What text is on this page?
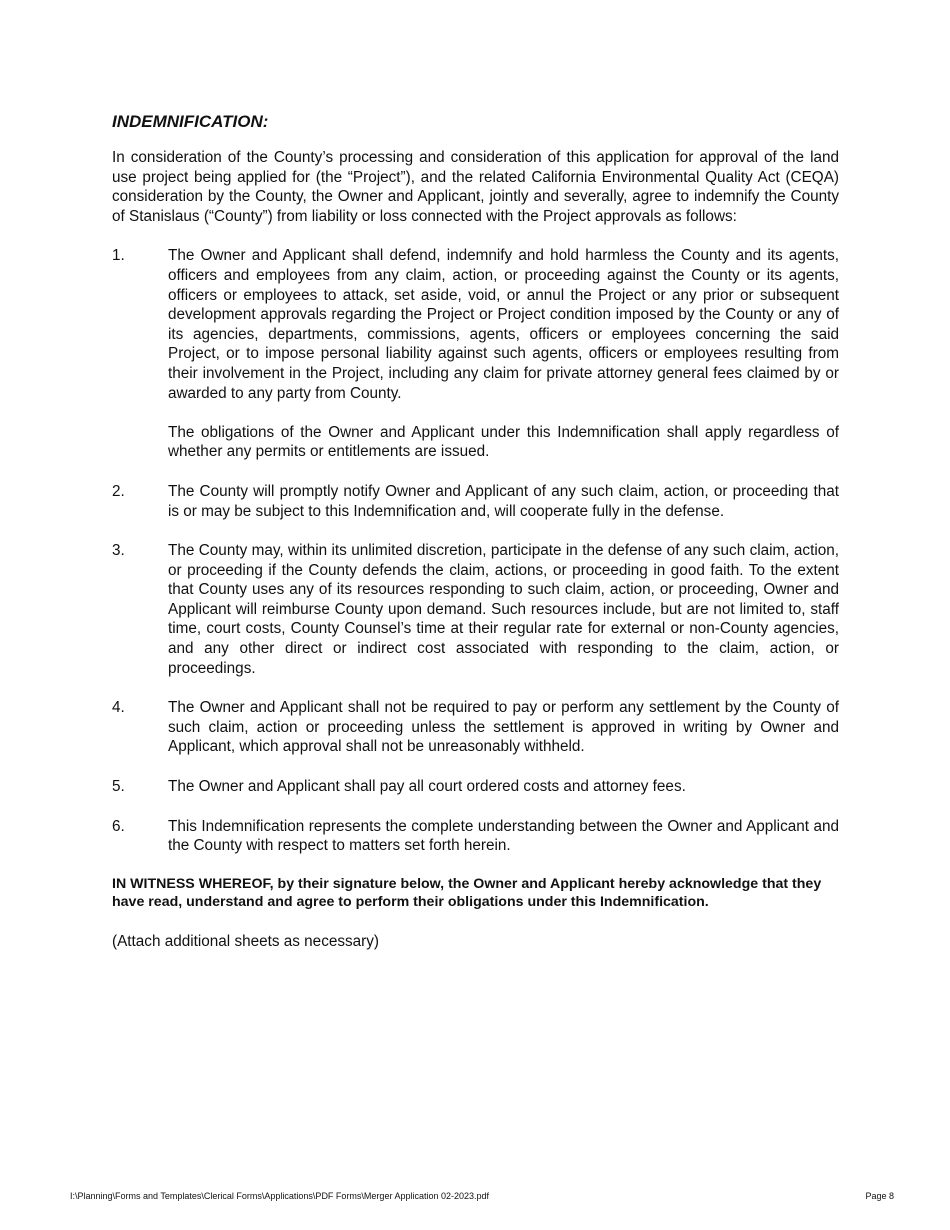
INDEMNIFICATION:

In consideration of the County’s processing and consideration of this application for approval of the land use project being applied for (the “Project”), and the related California Environmental Quality Act (CEQA) consideration by the County, the Owner and Applicant, jointly and severally, agree to indemnify the County of Stanislaus (“County”) from liability or loss connected with the Project approvals as follows:

1.	The Owner and Applicant shall defend, indemnify and hold harmless the County and its agents, officers and employees from any claim, action, or proceeding against the County or its agents, officers or employees to attack, set aside, void, or annul the Project or any prior or subsequent development approvals regarding the Project or Project condition imposed by the County or any of its agencies, departments, commissions, agents, officers or employees concerning the said Project, or to impose personal liability against such agents, officers or employees resulting from their involvement in the Project, including any claim for private attorney general fees claimed by or awarded to any party from County.

The obligations of the Owner and Applicant under this Indemnification shall apply regardless of whether any permits or entitlements are issued.

2.	The County will promptly notify Owner and Applicant of any such claim, action, or proceeding that is or may be subject to this Indemnification and, will cooperate fully in the defense.

3.	The County may, within its unlimited discretion, participate in the defense of any such claim, action, or proceeding if the County defends the claim, actions, or proceeding in good faith. To the extent that County uses any of its resources responding to such claim, action, or proceeding, Owner and Applicant will reimburse County upon demand. Such resources include, but are not limited to, staff time, court costs, County Counsel’s time at their regular rate for external or non-County agencies, and any other direct or indirect cost associated with responding to the claim, action, or proceedings.

4.	The Owner and Applicant shall not be required to pay or perform any settlement by the County of such claim, action or proceeding unless the settlement is approved in writing by Owner and Applicant, which approval shall not be unreasonably withheld.

5.	The Owner and Applicant shall pay all court ordered costs and attorney fees.

6.	This Indemnification represents the complete understanding between the Owner and Applicant and the County with respect to matters set forth herein.

IN WITNESS WHEREOF, by their signature below, the Owner and Applicant hereby acknowledge that they have read, understand and agree to perform their obligations under this Indemnification.

(Attach additional sheets as necessary)

I:\Planning\Forms and Templates\Clerical Forms\Applications\PDF Forms\Merger Application 02-2023.pdf	Page 8
